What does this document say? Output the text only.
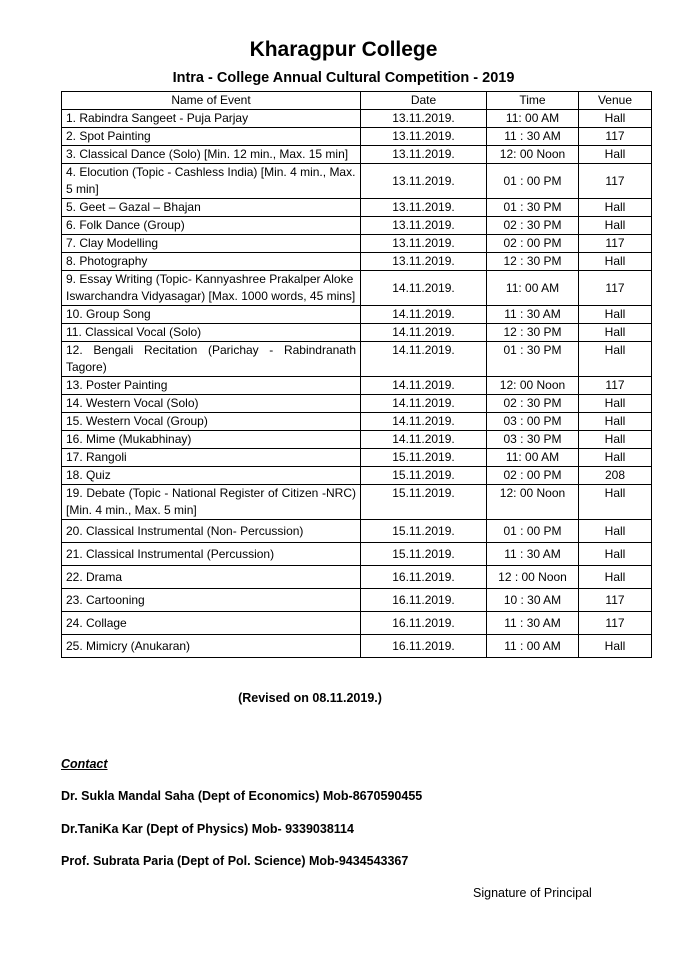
Kharagpur College
Intra - College Annual Cultural Competition - 2019
Name of Event	Date	Time	Venue
1. Rabindra Sangeet - Puja Parjay	13.11.2019.	11: 00 AM	Hall
2. Spot Painting	13.11.2019.	11 : 30 AM	117
3. Classical Dance (Solo) [Min. 12 min., Max. 15 min]	13.11.2019.	12: 00 Noon	Hall
4. Elocution (Topic - Cashless India) [Min. 4 min., Max. 5 min]	13.11.2019.	01 : 00 PM	117
5. Geet – Gazal – Bhajan	13.11.2019.	01 : 30 PM	Hall
6. Folk Dance (Group)	13.11.2019.	02 : 30 PM	Hall
7. Clay Modelling	13.11.2019.	02 : 00 PM	117
8. Photography	13.11.2019.	12 : 30 PM	Hall
9. Essay Writing (Topic- Kannyashree Prakalper Aloke Iswarchandra Vidyasagar) [Max. 1000 words, 45 mins]	14.11.2019.	11: 00 AM	117
10. Group Song	14.11.2019.	11 : 30 AM	Hall
11. Classical Vocal (Solo)	14.11.2019.	12 : 30 PM	Hall
12. Bengali Recitation (Parichay - Rabindranath Tagore)	14.11.2019.	01 : 30 PM	Hall
13. Poster Painting	14.11.2019.	12: 00 Noon	117
14. Western Vocal (Solo)	14.11.2019.	02 : 30 PM	Hall
15. Western Vocal (Group)	14.11.2019.	03 : 00 PM	Hall
16. Mime (Mukabhinay)	14.11.2019.	03 : 30 PM	Hall
17. Rangoli	15.11.2019.	11: 00 AM	Hall
18. Quiz	15.11.2019.	02 : 00 PM	208
19. Debate (Topic - National Register of Citizen -NRC) [Min. 4 min., Max. 5 min]	15.11.2019.	12: 00 Noon	Hall
20. Classical Instrumental (Non- Percussion)	15.11.2019.	01 : 00 PM	Hall
21. Classical Instrumental (Percussion)	15.11.2019.	11 : 30 AM	Hall
22. Drama	16.11.2019.	12 : 00 Noon	Hall
23. Cartooning	16.11.2019.	10 : 30 AM	117
24. Collage	16.11.2019.	11 : 30 AM	117
25. Mimicry (Anukaran)	16.11.2019.	11 : 00 AM	Hall
(Revised on 08.11.2019.)
Contact
Dr. Sukla Mandal Saha (Dept of Economics) Mob-8670590455
Dr.TaniKa Kar (Dept of Physics) Mob- 9339038114
Prof. Subrata Paria (Dept of Pol. Science) Mob-9434543367
Signature of Principal
